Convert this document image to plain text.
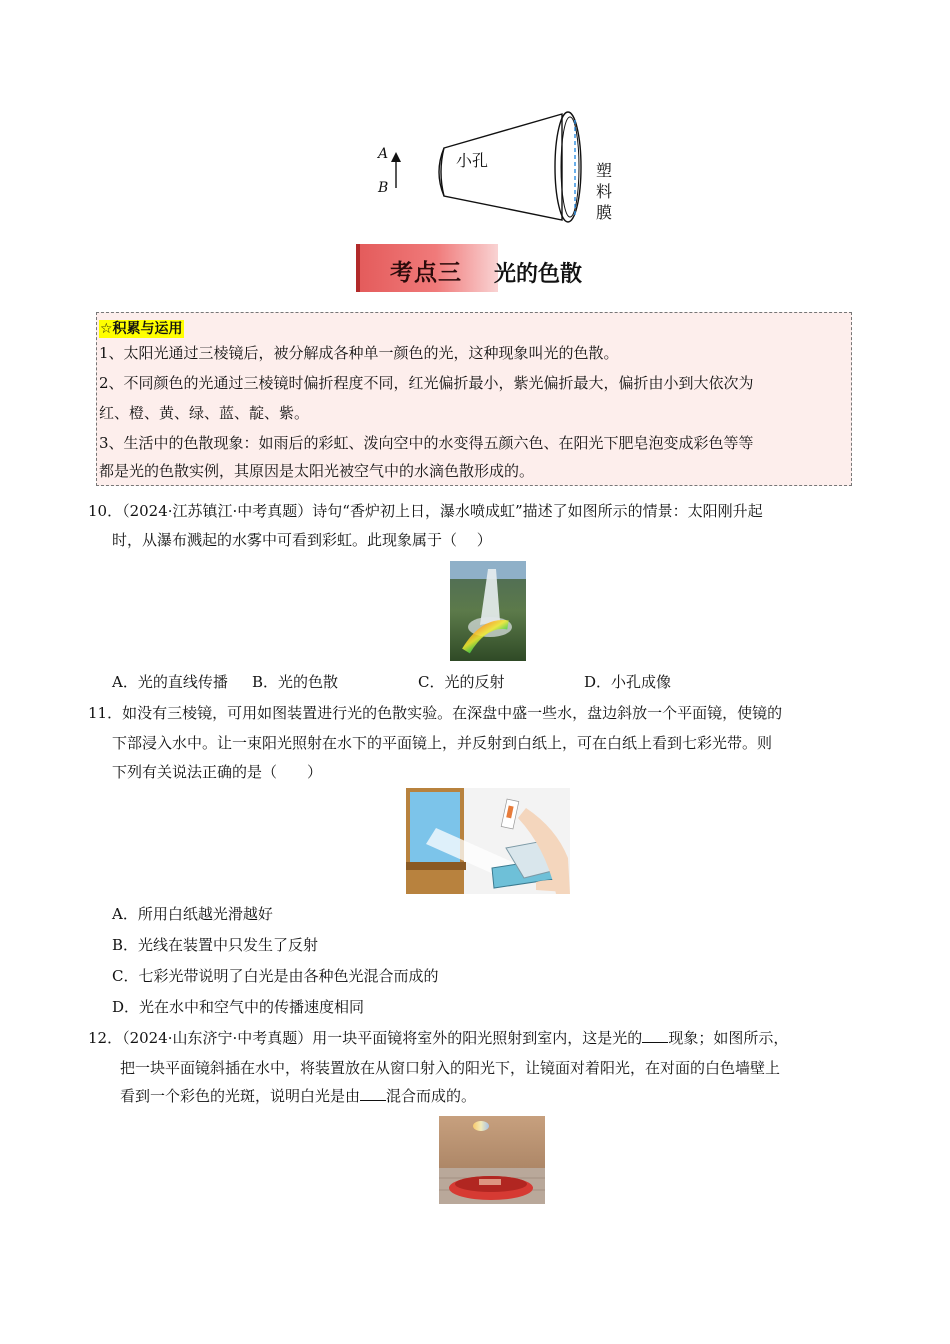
A
B
小孔
塑
料
膜
考点三 光的色散
☆积累与运用
1、太阳光通过三棱镜后，被分解成各种单一颜色的光，这种现象叫光的色散。
2、不同颜色的光通过三棱镜时偏折程度不同，红光偏折最小，紫光偏折最大，偏折由小到大依次为
红、橙、黄、绿、蓝、靛、紫。
3、生活中的色散现象：如雨后的彩虹、泼向空中的水变得五颜六色、在阳光下肥皂泡变成彩色等等
都是光的色散实例，其原因是太阳光被空气中的水滴色散形成的。
10．（2024·江苏镇江·中考真题）诗句“香炉初上日，瀑水喷成虹”描述了如图所示的情景：太阳刚升起
时，从瀑布溅起的水雾中可看到彩虹。此现象属于（　 ）
A．光的直线传播 B．光的色散	C．光的反射	D．小孔成像
11．如没有三棱镜，可用如图装置进行光的色散实验。在深盘中盛一些水，盘边斜放一个平面镜，使镜的
下部浸入水中。让一束阳光照射在水下的平面镜上，并反射到白纸上，可在白纸上看到七彩光带。则
下列有关说法正确的是（　　）
A．所用白纸越光滑越好
B．光线在装置中只发生了反射
C．七彩光带说明了白光是由各种色光混合而成的
D．光在水中和空气中的传播速度相同
12．（2024·山东济宁·中考真题）用一块平面镜将室外的阳光照射到室内，这是光的 现象；如图所示，
把一块平面镜斜插在水中，将装置放在从窗口射入的阳光下，让镜面对着阳光，在对面的白色墙壁上
看到一个彩色的光斑，说明白光是由 混合而成的。
